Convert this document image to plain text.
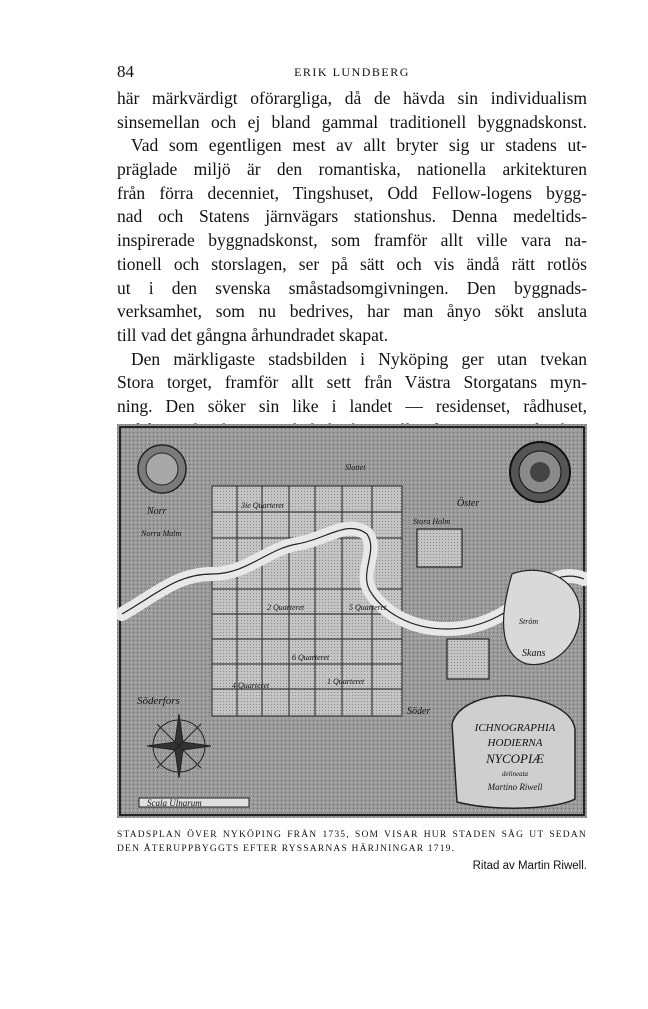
84	ERIK LUNDBERG
här märkvärdigt oförargliga, då de hävda sin individualism
sinsemellan och ej bland gammal traditionell byggnadskonst.
Vad som egentligen mest av allt bryter sig ur stadens ut-
präglade miljö är den romantiska, nationella arkitekturen
från förra decenniet, Tingshuset, Odd Fellow-logens bygg-
nad och Statens järnvägars stationshus. Denna medeltids-
inspirerade byggnadskonst, som framför allt ville vara na-
tionell och storslagen, ser på sätt och vis ändå rätt rotlös
ut i den svenska småstadsomgivningen. Den byggnads-
verksamhet, som nu bedrives, har man ånyo sökt ansluta
till vad det gångna århundradet skapat.
Den märkligaste stadsbilden i Nyköping ger utan tvekan
Stora torget, framför allt sett från Västra Storgatans myn-
ning. Den söker sin like i landet — residenset, rådhuset,
ICHNOGRAPHIA
HODIERNA
NYCOPIÆ
delineata
Martino Riwell
Scala Ulnarum
Slottet
3ie Quarteret
2 Quarteret
1 Quarteret
4 Quarteret
5 Quarteret
6 Quarteret
Norr
Öster
Söder
Söderfors
Skans
Norra Malm
Stora Holm
Ström
STADSPLAN ÖVER NYKÖPING FRÅN 1735, SOM VISAR HUR STADEN SÅG UT SEDAN
DEN ÅTERUPPBYGGTS EFTER RYSSARNAS HÄRJNINGAR 1719.
Ritad av Martin Riwell.
